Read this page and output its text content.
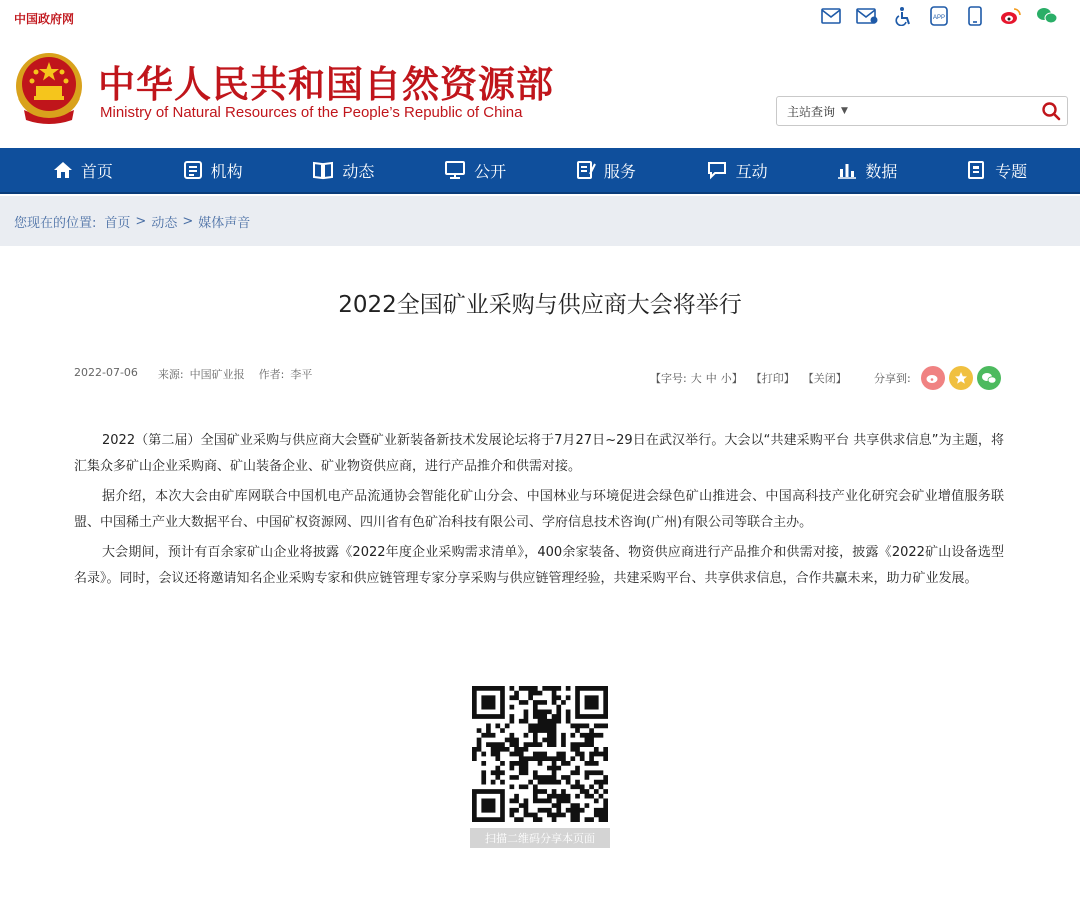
中国政府网	APP
中华人民共和国自然资源部
Ministry of Natural Resources of the People’s Republic of China	主站查询 ▼
首页	机构	动态	公开	服务	互动	数据	专题
您现在的位置: 首页 > 动态 > 媒体声音
2022全国矿业采购与供应商大会将举行
2022-07-06 来源: 中国矿业报 作者: 李平	【字号: 大 中 小】 【打印】 【关闭】 分享到:

2022（第二届）全国矿业采购与供应商大会暨矿业新装备新技术发展论坛将于7月27日~29日在武汉举行。大会以“共建采购平台 共享供求信息”为主题，将汇集众多矿山企业采购商、矿山装备企业、矿业物资供应商，进行产品推介和供需对接。

据介绍，本次大会由矿库网联合中国机电产品流通协会智能化矿山分会、中国林业与环境促进会绿色矿山推进会、中国高科技产业化研究会矿业增值服务联盟、中国稀土产业大数据平台、中国矿权资源网、四川省有色矿冶科技有限公司、学府信息技术咨询(广州)有限公司等联合主办。

大会期间，预计有百余家矿山企业将披露《2022年度企业采购需求清单》，400余家装备、物资供应商进行产品推介和供需对接，披露《2022矿山设备选型名录》。同时，会议还将邀请知名企业采购专家和供应链管理专家分享采购与供应链管理经验，共建采购平台、共享供求信息，合作共赢未来，助力矿业发展。

扫描二维码分享本页面
